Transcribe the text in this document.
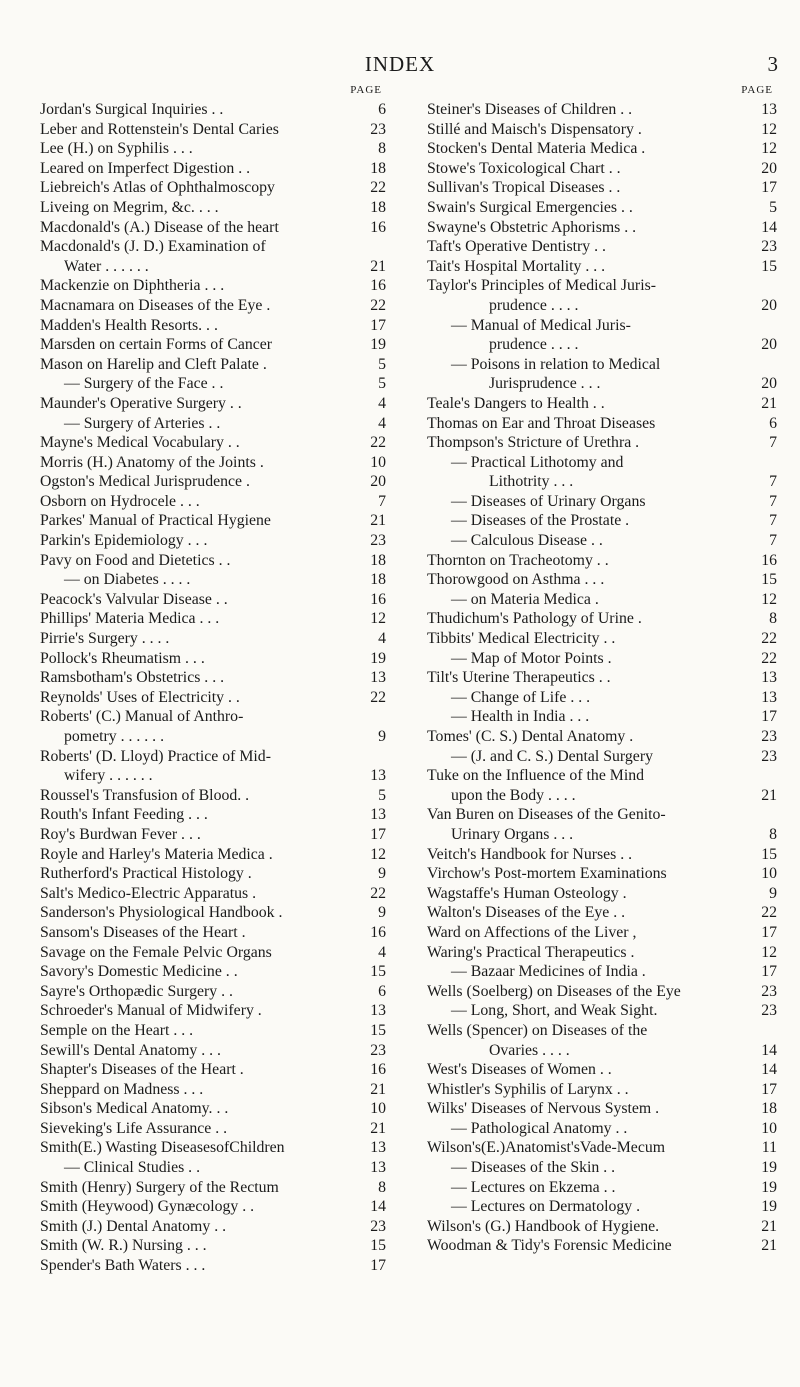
INDEX	3
PAGE
Jordan's Surgical Inquiries . .	6
Leber and Rottenstein's Dental Caries	23
Lee (H.) on Syphilis . . .	8
Leared on Imperfect Digestion . .	18
Liebreich's Atlas of Ophthalmoscopy	22
Liveing on Megrim, &c. . . .	18
Macdonald's (A.) Disease of the heart	16
Macdonald's (J. D.) Examination of
Water . . . . . .	21
Mackenzie on Diphtheria . . .	16
Macnamara on Diseases of the Eye .	22
Madden's Health Resorts. . .	17
Marsden on certain Forms of Cancer	19
Mason on Harelip and Cleft Palate .	5
— Surgery of the Face . .	5
Maunder's Operative Surgery . .	4
— Surgery of Arteries . .	4
Mayne's Medical Vocabulary . .	22
Morris (H.) Anatomy of the Joints .	10
Ogston's Medical Jurisprudence .	20
Osborn on Hydrocele . . .	7
Parkes' Manual of Practical Hygiene	21
Parkin's Epidemiology . . .	23
Pavy on Food and Dietetics . .	18
— on Diabetes . . . .	18
Peacock's Valvular Disease . .	16
Phillips' Materia Medica . . .	12
Pirrie's Surgery . . . .	4
Pollock's Rheumatism . . .	19
Ramsbotham's Obstetrics . . .	13
Reynolds' Uses of Electricity . .	22
Roberts' (C.) Manual of Anthro-
pometry . . . . . .	9
Roberts' (D. Lloyd) Practice of Mid-
wifery . . . . . .	13
Roussel's Transfusion of Blood. .	5
Routh's Infant Feeding . . .	13
Roy's Burdwan Fever . . .	17
Royle and Harley's Materia Medica .	12
Rutherford's Practical Histology .	9
Salt's Medico-Electric Apparatus .	22
Sanderson's Physiological Handbook .	9
Sansom's Diseases of the Heart .	16
Savage on the Female Pelvic Organs	4
Savory's Domestic Medicine . .	15
Sayre's Orthopædic Surgery . .	6
Schroeder's Manual of Midwifery .	13
Semple on the Heart . . .	15
Sewill's Dental Anatomy . . .	23
Shapter's Diseases of the Heart .	16
Sheppard on Madness . . .	21
Sibson's Medical Anatomy. . .	10
Sieveking's Life Assurance . .	21
Smith(E.) Wasting DiseasesofChildren	13
— Clinical Studies . .	13
Smith (Henry) Surgery of the Rectum	8
Smith (Heywood) Gynæcology . .	14
Smith (J.) Dental Anatomy . .	23
Smith (W. R.) Nursing . . .	15
Spender's Bath Waters . . .	17
PAGE
Steiner's Diseases of Children . .	13
Stillé and Maisch's Dispensatory .	12
Stocken's Dental Materia Medica .	12
Stowe's Toxicological Chart . .	20
Sullivan's Tropical Diseases . .	17
Swain's Surgical Emergencies . .	5
Swayne's Obstetric Aphorisms . .	14
Taft's Operative Dentistry . .	23
Tait's Hospital Mortality . . .	15
Taylor's Principles of Medical Juris-
prudence . . . .	20
— Manual of Medical Juris-
prudence . . . .	20
— Poisons in relation to Medical
Jurisprudence . . .	20
Teale's Dangers to Health . .	21
Thomas on Ear and Throat Diseases	6
Thompson's Stricture of Urethra .	7
— Practical Lithotomy and
Lithotrity . . .	7
— Diseases of Urinary Organs	7
— Diseases of the Prostate .	7
— Calculous Disease . .	7
Thornton on Tracheotomy . .	16
Thorowgood on Asthma . . .	15
— on Materia Medica .	12
Thudichum's Pathology of Urine .	8
Tibbits' Medical Electricity . .	22
— Map of Motor Points .	22
Tilt's Uterine Therapeutics . .	13
— Change of Life . . .	13
— Health in India . . .	17
Tomes' (C. S.) Dental Anatomy .	23
— (J. and C. S.) Dental Surgery	23
Tuke on the Influence of the Mind
upon the Body . . . .	21
Van Buren on Diseases of the Genito-
Urinary Organs . . .	8
Veitch's Handbook for Nurses . .	15
Virchow's Post-mortem Examinations	10
Wagstaffe's Human Osteology .	9
Walton's Diseases of the Eye . .	22
Ward on Affections of the Liver ,	17
Waring's Practical Therapeutics .	12
— Bazaar Medicines of India .	17
Wells (Soelberg) on Diseases of the Eye	23
— Long, Short, and Weak Sight.	23
Wells (Spencer) on Diseases of the
Ovaries . . . .	14
West's Diseases of Women . .	14
Whistler's Syphilis of Larynx . .	17
Wilks' Diseases of Nervous System .	18
— Pathological Anatomy . .	10
Wilson's(E.)Anatomist'sVade-Mecum	11
— Diseases of the Skin . .	19
— Lectures on Ekzema . .	19
— Lectures on Dermatology .	19
Wilson's (G.) Handbook of Hygiene.	21
Woodman & Tidy's Forensic Medicine	21
